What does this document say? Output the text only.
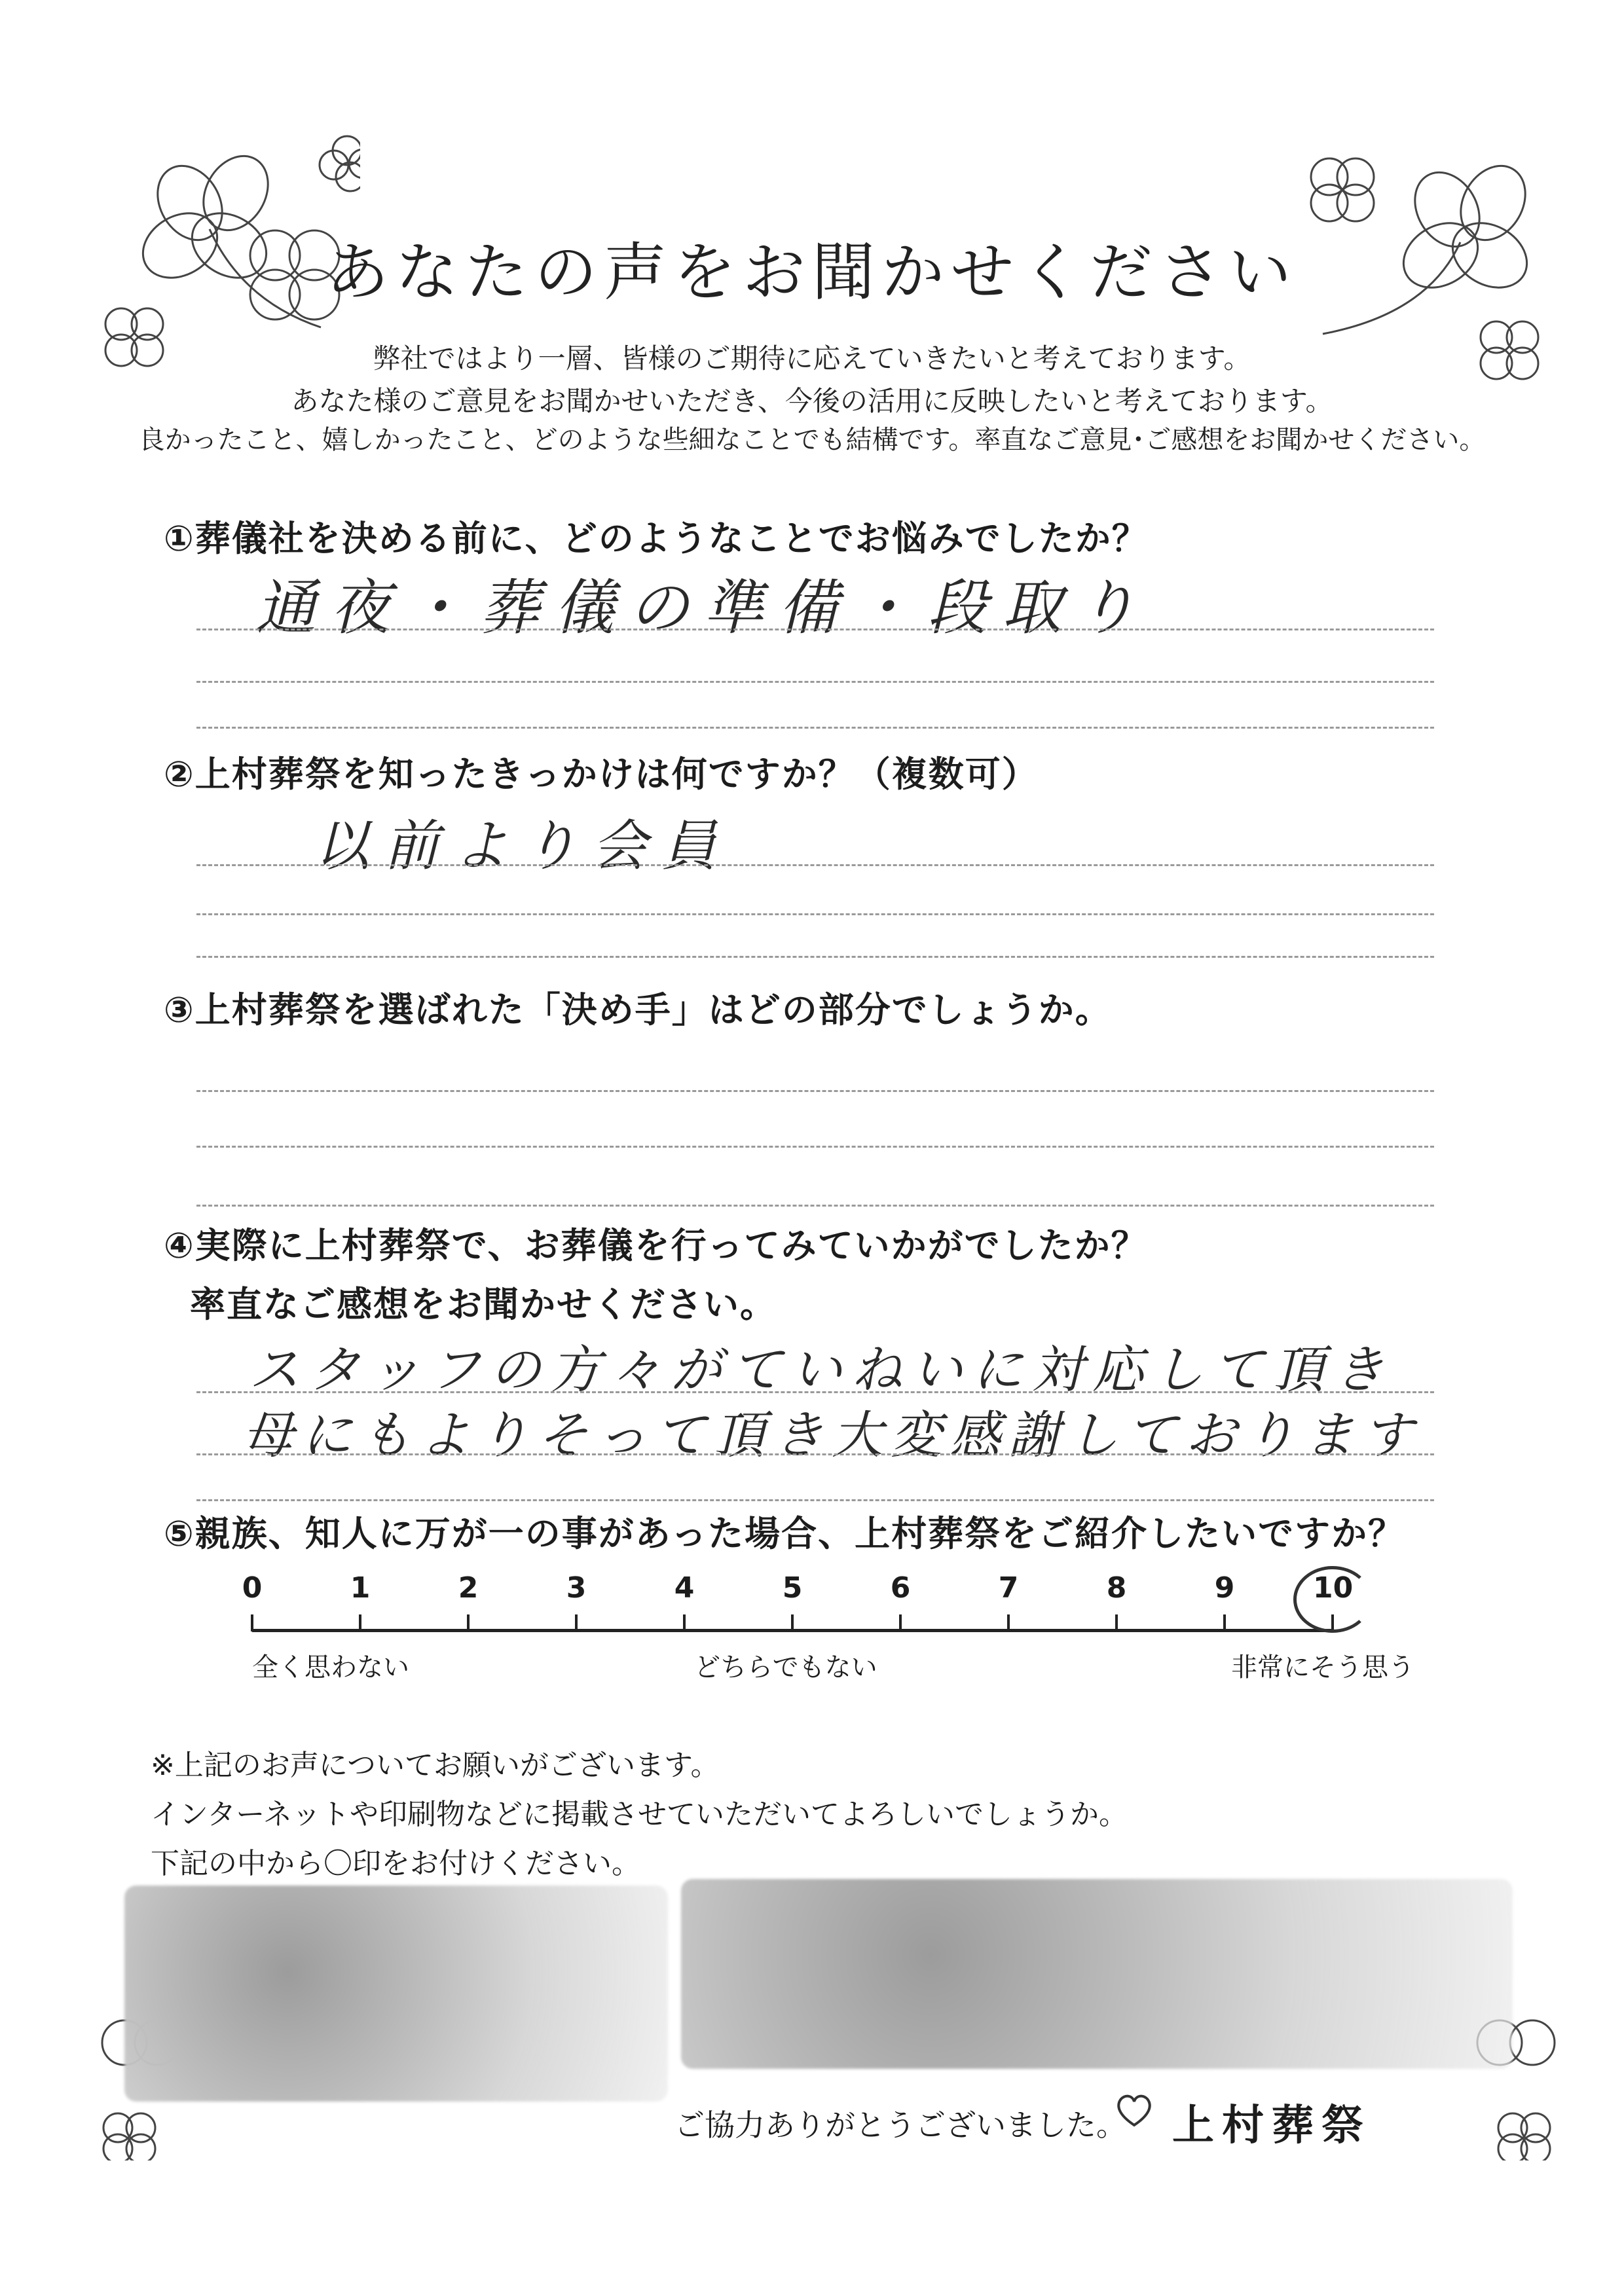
あなたの声をお聞かせください
弊社ではより一層、皆様のご期待に応えていきたいと考えております。
あなた様のご意見をお聞かせいただき、今後の活用に反映したいと考えております。
良かったこと、嬉しかったこと、どのような些細なことでも結構です。率直なご意見･ご感想をお聞かせください。
①葬儀社を決める前に、どのようなことでお悩みでしたか？
通夜・葬儀の準備・段取り
②上村葬祭を知ったきっかけは何ですか？（複数可）
以前より会員
③上村葬祭を選ばれた「決め手」はどの部分でしょうか。
④実際に上村葬祭で、お葬儀を行ってみていかがでしたか？
率直なご感想をお聞かせください。
スタッフの方々がていねいに対応して頂き
母にもよりそって頂き大変感謝しております
⑤親族、知人に万が一の事があった場合、上村葬祭をご紹介したいですか？
0	1	2	3	4	5	6	7	8	9	10
全く思わない	どちらでもない	非常にそう思う
※上記のお声についてお願いがございます。
インターネットや印刷物などに掲載させていただいてよろしいでしょうか。
下記の中から〇印をお付けください。
ご協力ありがとうございました。 上村葬祭
